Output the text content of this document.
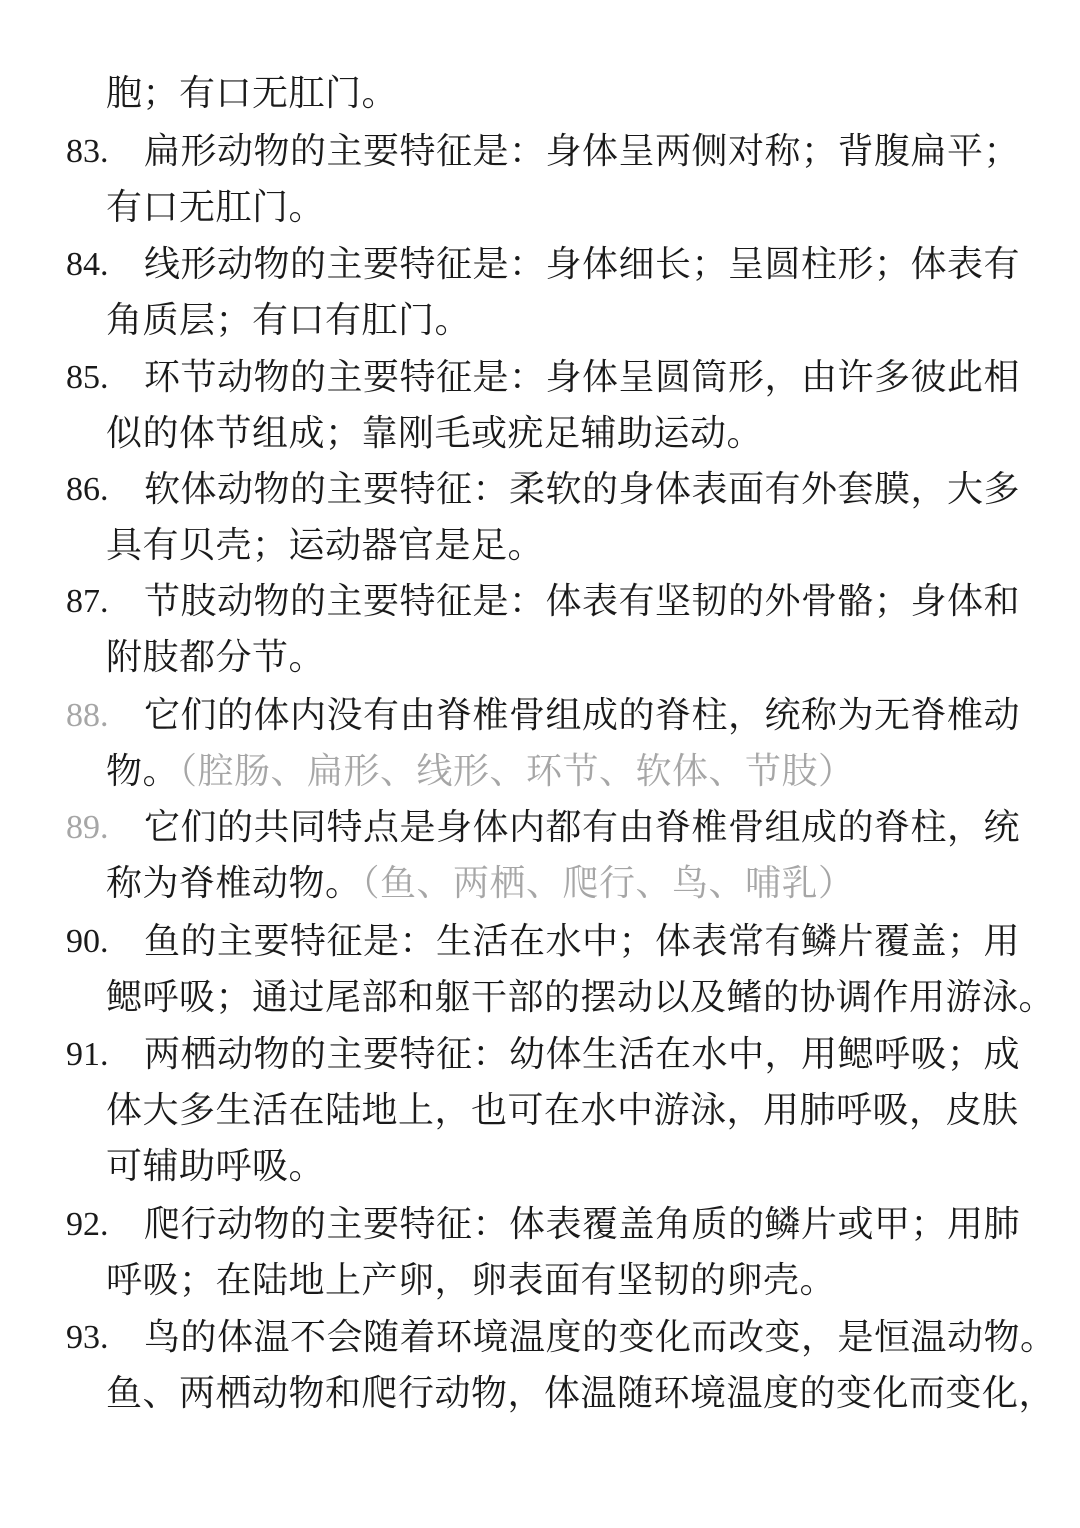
胞；有口无肛门。
83. 扁形动物的主要特征是：身体呈两侧对称；背腹扁平；
有口无肛门。
84. 线形动物的主要特征是：身体细长；呈圆柱形；体表有
角质层；有口有肛门。
85. 环节动物的主要特征是：身体呈圆筒形，由许多彼此相
似的体节组成；靠刚毛或疣足辅助运动。
86. 软体动物的主要特征：柔软的身体表面有外套膜，大多
具有贝壳；运动器官是足。
87. 节肢动物的主要特征是：体表有坚韧的外骨骼；身体和
附肢都分节。
88. 它们的体内没有由脊椎骨组成的脊柱，统称为无脊椎动
物。（腔肠、扁形、线形、环节、软体、节肢）
89. 它们的共同特点是身体内都有由脊椎骨组成的脊柱，统
称为脊椎动物。（鱼、两栖、爬行、鸟、哺乳）
90. 鱼的主要特征是：生活在水中；体表常有鳞片覆盖；用
鳃呼吸；通过尾部和躯干部的摆动以及鳍的协调作用游泳。
91. 两栖动物的主要特征：幼体生活在水中，用鳃呼吸；成
体大多生活在陆地上，也可在水中游泳，用肺呼吸，皮肤
可辅助呼吸。
92. 爬行动物的主要特征：体表覆盖角质的鳞片或甲；用肺
呼吸；在陆地上产卵，卵表面有坚韧的卵壳。
93. 鸟的体温不会随着环境温度的变化而改变，是恒温动物。
鱼、两栖动物和爬行动物，体温随环境温度的变化而变化，
